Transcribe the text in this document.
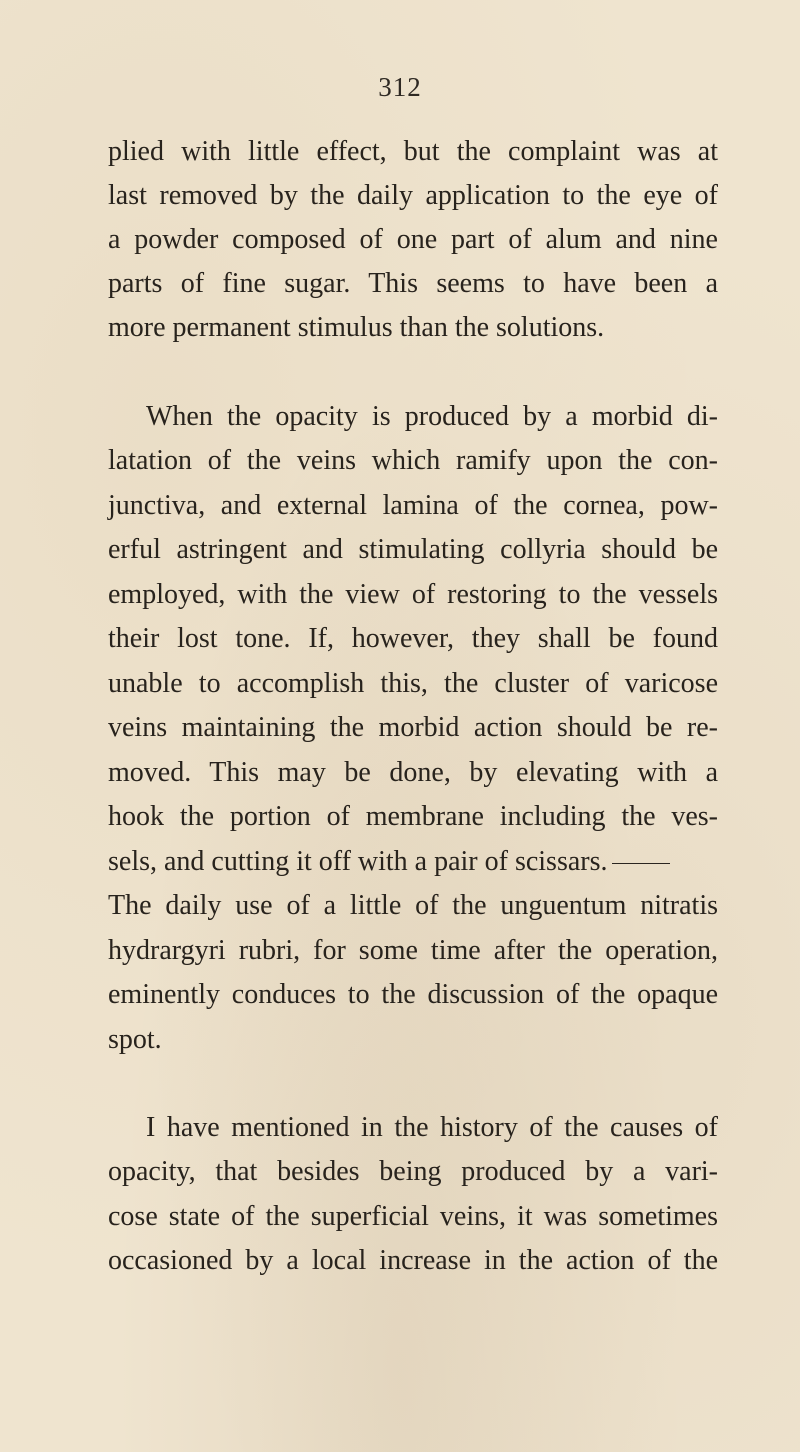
312
plied with little effect, but the complaint was at
last removed by the daily application to the eye of
a powder composed of one part of alum and nine
parts of fine sugar. This seems to have been a
more permanent stimulus than the solutions.
When the opacity is produced by a morbid di-
latation of the veins which ramify upon the con-
junctiva, and external lamina of the cornea, pow-
erful astringent and stimulating collyria should be
employed, with the view of restoring to the vessels
their lost tone. If, however, they shall be found
unable to accomplish this, the cluster of varicose
veins maintaining the morbid action should be re-
moved. This may be done, by elevating with a
hook the portion of membrane including the ves-
sels, and cutting it off with a pair of scissars.
The daily use of a little of the unguentum nitratis
hydrargyri rubri, for some time after the operation,
eminently conduces to the discussion of the opaque
spot.
I have mentioned in the history of the causes of
opacity, that besides being produced by a vari-
cose state of the superficial veins, it was sometimes
occasioned by a local increase in the action of the
